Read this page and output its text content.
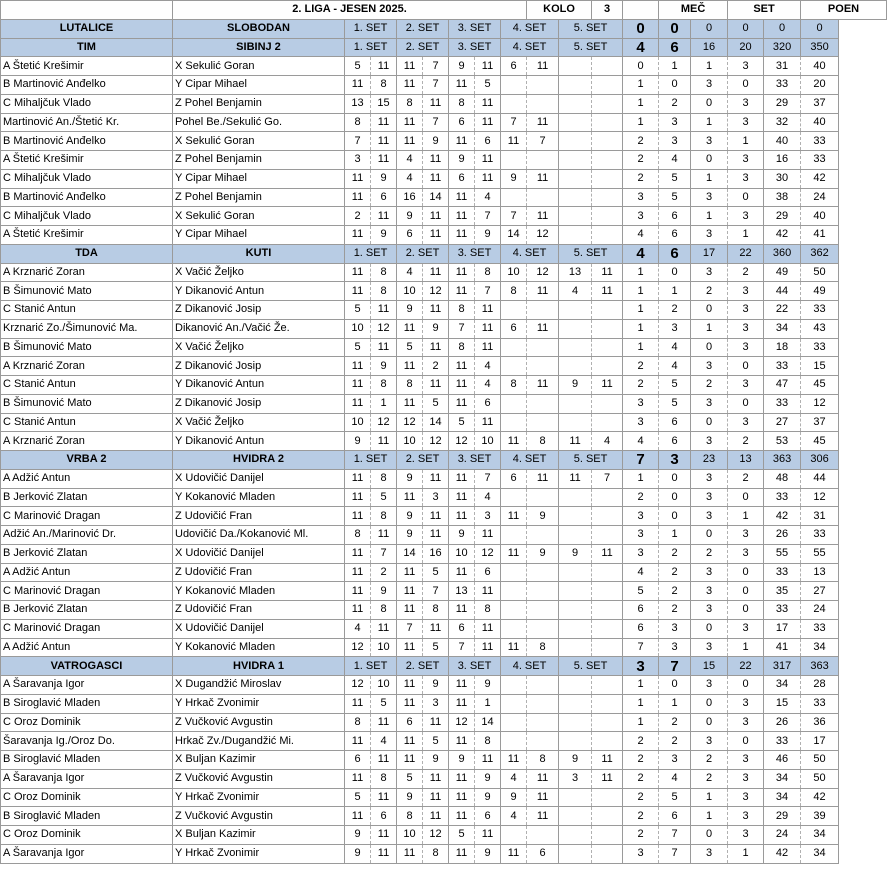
	2. LIGA - JESEN 2025.								KOLO		3		MEČ		SET		POEN
LUTALICE	SLOBODAN	1. SET		2. SET		3. SET		4. SET		5. SET		0	0	0	0	0	0
TIM	SIBINJ 2	1. SET		2. SET		3. SET		4. SET		5. SET		4	6	16	20	320	350
A Štetić Krešimir	X Sekulić Goran	5	11	11	7	9	11	6	11			0	1	1	3	31	40
B Martinović Anđelko	Y Cipar Mihael	11	8	11	7	11	5					1	0	3	0	33	20
C Mihaljčuk Vlado	Z Pohel Benjamin	13	15	8	11	8	11					1	2	0	3	29	37
Martinović An./Štetić Kr.	Pohel Be./Sekulić Go.	8	11	11	7	6	11	7	11			1	3	1	3	32	40
B Martinović Anđelko	X Sekulić Goran	7	11	11	9	11	6	11	7			2	3	3	1	40	33
A Štetić Krešimir	Z Pohel Benjamin	3	11	4	11	9	11					2	4	0	3	16	33
C Mihaljčuk Vlado	Y Cipar Mihael	11	9	4	11	6	11	9	11			2	5	1	3	30	42
B Martinović Anđelko	Z Pohel Benjamin	11	6	16	14	11	4					3	5	3	0	38	24
C Mihaljčuk Vlado	X Sekulić Goran	2	11	9	11	11	7	7	11			3	6	1	3	29	40
A Štetić Krešimir	Y Cipar Mihael	11	9	6	11	11	9	14	12			4	6	3	1	42	41
TDA	KUTI	1. SET		2. SET		3. SET		4. SET		5. SET		4	6	17	22	360	362
A Krznarić Zoran	X Vačić Željko	11	8	4	11	11	8	10	12	13	11	1	0	3	2	49	50
B Šimunović Mato	Y Dikanović Antun	11	8	10	12	11	7	8	11	4	11	1	1	2	3	44	49
C Stanić Antun	Z Dikanović Josip	5	11	9	11	8	11					1	2	0	3	22	33
Krznarić Zo./Šimunović Ma.	Dikanović An./Vačić Že.	10	12	11	9	7	11	6	11			1	3	1	3	34	43
B Šimunović Mato	X Vačić Željko	5	11	5	11	8	11					1	4	0	3	18	33
A Krznarić Zoran	Z Dikanović Josip	11	9	11	2	11	4					2	4	3	0	33	15
C Stanić Antun	Y Dikanović Antun	11	8	8	11	11	4	8	11	9	11	2	5	2	3	47	45
B Šimunović Mato	Z Dikanović Josip	11	1	11	5	11	6					3	5	3	0	33	12
C Stanić Antun	X Vačić Željko	10	12	12	14	5	11					3	6	0	3	27	37
A Krznarić Zoran	Y Dikanović Antun	9	11	10	12	12	10	11	8	11	4	4	6	3	2	53	45
VRBA 2	HVIDRA 2	1. SET		2. SET		3. SET		4. SET		5. SET		7	3	23	13	363	306
A Adžić Antun	X Udovičić Danijel	11	8	9	11	11	7	6	11	11	7	1	0	3	2	48	44
B Jerković Zlatan	Y Kokanović Mladen	11	5	11	3	11	4					2	0	3	0	33	12
C Marinović Dragan	Z Udovičić Fran	11	8	9	11	11	3	11	9			3	0	3	1	42	31
Adžić An./Marinović Dr.	Udovičić Da./Kokanović Ml.	8	11	9	11	9	11					3	1	0	3	26	33
B Jerković Zlatan	X Udovičić Danijel	11	7	14	16	10	12	11	9	9	11	3	2	2	3	55	55
A Adžić Antun	Z Udovičić Fran	11	2	11	5	11	6					4	2	3	0	33	13
C Marinović Dragan	Y Kokanović Mladen	11	9	11	7	13	11					5	2	3	0	35	27
B Jerković Zlatan	Z Udovičić Fran	11	8	11	8	11	8					6	2	3	0	33	24
C Marinović Dragan	X Udovičić Danijel	4	11	7	11	6	11					6	3	0	3	17	33
A Adžić Antun	Y Kokanović Mladen	12	10	11	5	7	11	11	8			7	3	3	1	41	34
VATROGASCI	HVIDRA 1	1. SET		2. SET		3. SET		4. SET		5. SET		3	7	15	22	317	363
A Šaravanja Igor	X Dugandžić Miroslav	12	10	11	9	11	9					1	0	3	0	34	28
B Siroglavić Mladen	Y Hrkač Zvonimir	11	5	11	3	11	1					1	1	0	3	15	33
C Oroz Dominik	Z Vučković Avgustin	8	11	6	11	12	14					1	2	0	3	26	36
Šaravanja Ig./Oroz Do.	Hrkač Zv./Dugandžić Mi.	11	4	11	5	11	8					2	2	3	0	33	17
B Siroglavić Mladen	X Buljan Kazimir	6	11	11	9	9	11	11	8	9	11	2	3	2	3	46	50
A Šaravanja Igor	Z Vučković Avgustin	11	8	5	11	11	9	4	11	3	11	2	4	2	3	34	50
C Oroz Dominik	Y Hrkač Zvonimir	5	11	9	11	11	9	9	11			2	5	1	3	34	42
B Siroglavić Mladen	Z Vučković Avgustin	11	6	8	11	11	6	4	11			2	6	1	3	29	39
C Oroz Dominik	X Buljan Kazimir	9	11	10	12	5	11					2	7	0	3	24	34
A Šaravanja Igor	Y Hrkač Zvonimir	9	11	11	8	11	9	11	6			3	7	3	1	42	34
